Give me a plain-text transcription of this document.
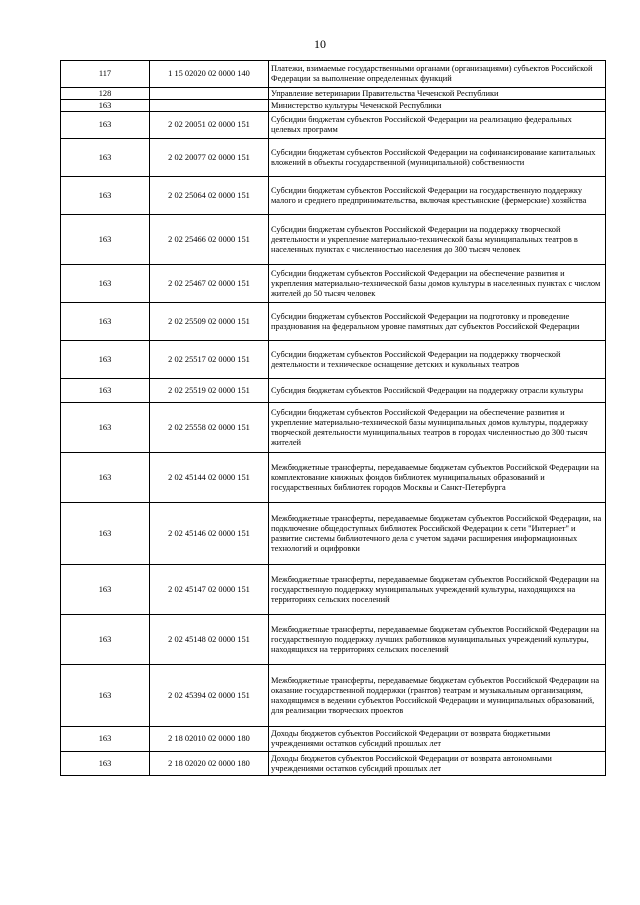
10
117	1 15 02020 02 0000 140	Платежи, взимаемые государственными органами (организациями) субъектов Российской Федерации за выполнение определенных функций
128		Управление ветеринарии Правительства Чеченской Республики
163		Министерство культуры Чеченской Республики
163	2 02 20051 02 0000 151	Субсидии бюджетам субъектов Российской Федерации на реализацию федеральных целевых программ
163	2 02 20077 02 0000 151	Субсидии бюджетам субъектов Российской Федерации на софинансирование капитальных вложений в объекты государственной (муниципальной) собственности
163	2 02 25064 02 0000 151	Субсидии бюджетам субъектов Российской Федерации на государственную поддержку малого и среднего предпринимательства, включая крестьянские (фермерские) хозяйства
163	2 02 25466 02 0000 151	Субсидии бюджетам субъектов Российской Федерации на поддержку творческой деятельности и укрепление материально-технической базы муниципальных театров в населенных пунктах с численностью населения до 300 тысяч человек
163	2 02 25467 02 0000 151	Субсидии бюджетам субъектов Российской Федерации на обеспечение развития и укрепления материально-технической базы домов культуры в населенных пунктах с числом жителей до 50 тысяч человек
163	2 02 25509 02 0000 151	Субсидии бюджетам субъектов Российской Федерации на подготовку и проведение празднования на федеральном уровне памятных дат субъектов Российской Федерации
163	2 02 25517 02 0000 151	Субсидии бюджетам субъектов Российской Федерации на поддержку творческой деятельности и техническое оснащение детских и кукольных театров
163	2 02 25519 02 0000 151	Субсидия бюджетам субъектов Российской Федерации на поддержку отрасли культуры
163	2 02 25558 02 0000 151	Субсидии бюджетам субъектов Российской Федерации на обеспечение развития и укрепление материально-технической базы муниципальных домов культуры, поддержку творческой деятельности муниципальных театров в городах численностью до 300 тысяч жителей
163	2 02 45144 02 0000 151	Межбюджетные трансферты, передаваемые бюджетам субъектов Российской Федерации на комплектование книжных фондов библиотек муниципальных образований и государственных библиотек городов Москвы и Санкт-Петербурга
163	2 02 45146 02 0000 151	Межбюджетные трансферты, передаваемые бюджетам субъектов Российской Федерации, на подключение общедоступных библиотек Российской Федерации к сети "Интернет" и развитие системы библиотечного дела с учетом задачи расширения информационных технологий и оцифровки
163	2 02 45147 02 0000 151	Межбюджетные трансферты, передаваемые бюджетам субъектов Российской Федерации на государственную поддержку муниципальных учреждений культуры, находящихся на территориях сельских поселений
163	2 02 45148 02 0000 151	Межбюджетные трансферты, передаваемые бюджетам субъектов Российской Федерации на государственную поддержку лучших работников муниципальных учреждений культуры, находящихся на территориях сельских поселений
163	2 02 45394 02 0000 151	Межбюджетные трансферты, передаваемые бюджетам субъектов Российской Федерации на оказание государственной поддержки (грантов) театрам и музыкальным организациям, находящимся в ведении субъектов Российской Федерации и муниципальных образований, для реализации творческих проектов
163	2 18 02010 02 0000 180	Доходы бюджетов субъектов Российской Федерации от возврата бюджетными учреждениями остатков субсидий прошлых лет
163	2 18 02020 02 0000 180	Доходы бюджетов субъектов Российской Федерации от возврата автономными учреждениями остатков субсидий прошлых лет
